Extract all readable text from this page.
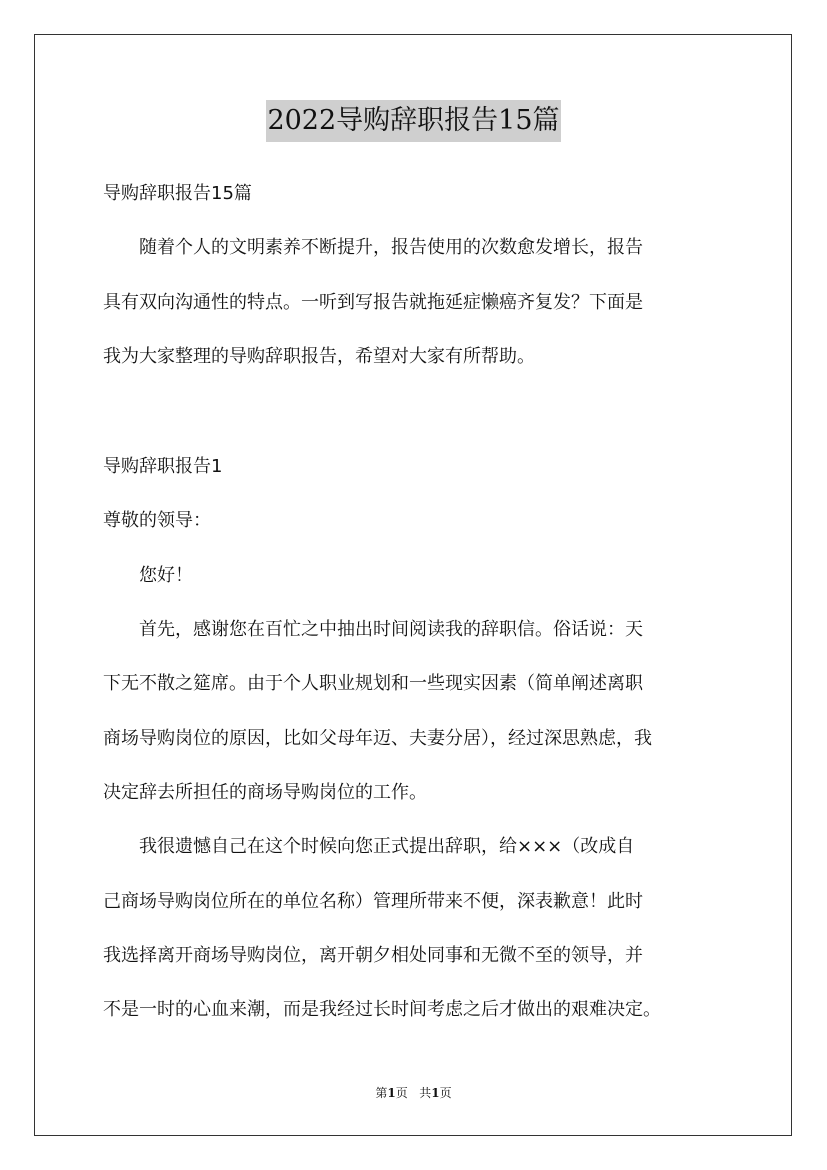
2022导购辞职报告15篇
导购辞职报告15篇
　　随着个人的文明素养不断提升，报告使用的次数愈发增长，报告
具有双向沟通性的特点。一听到写报告就拖延症懒癌齐复发？下面是
我为大家整理的导购辞职报告，希望对大家有所帮助。
导购辞职报告1
尊敬的领导：
　　您好！
　　首先，感谢您在百忙之中抽出时间阅读我的辞职信。俗话说：天
下无不散之筵席。由于个人职业规划和一些现实因素（简单阐述离职
商场导购岗位的原因，比如父母年迈、夫妻分居），经过深思熟虑，我
决定辞去所担任的商场导购岗位的工作。
　　我很遗憾自己在这个时候向您正式提出辞职，给×××（改成自
己商场导购岗位所在的单位名称）管理所带来不便，深表歉意！此时
我选择离开商场导购岗位，离开朝夕相处同事和无微不至的领导，并
不是一时的心血来潮，而是我经过长时间考虑之后才做出的艰难决定。
第1页 共1页
